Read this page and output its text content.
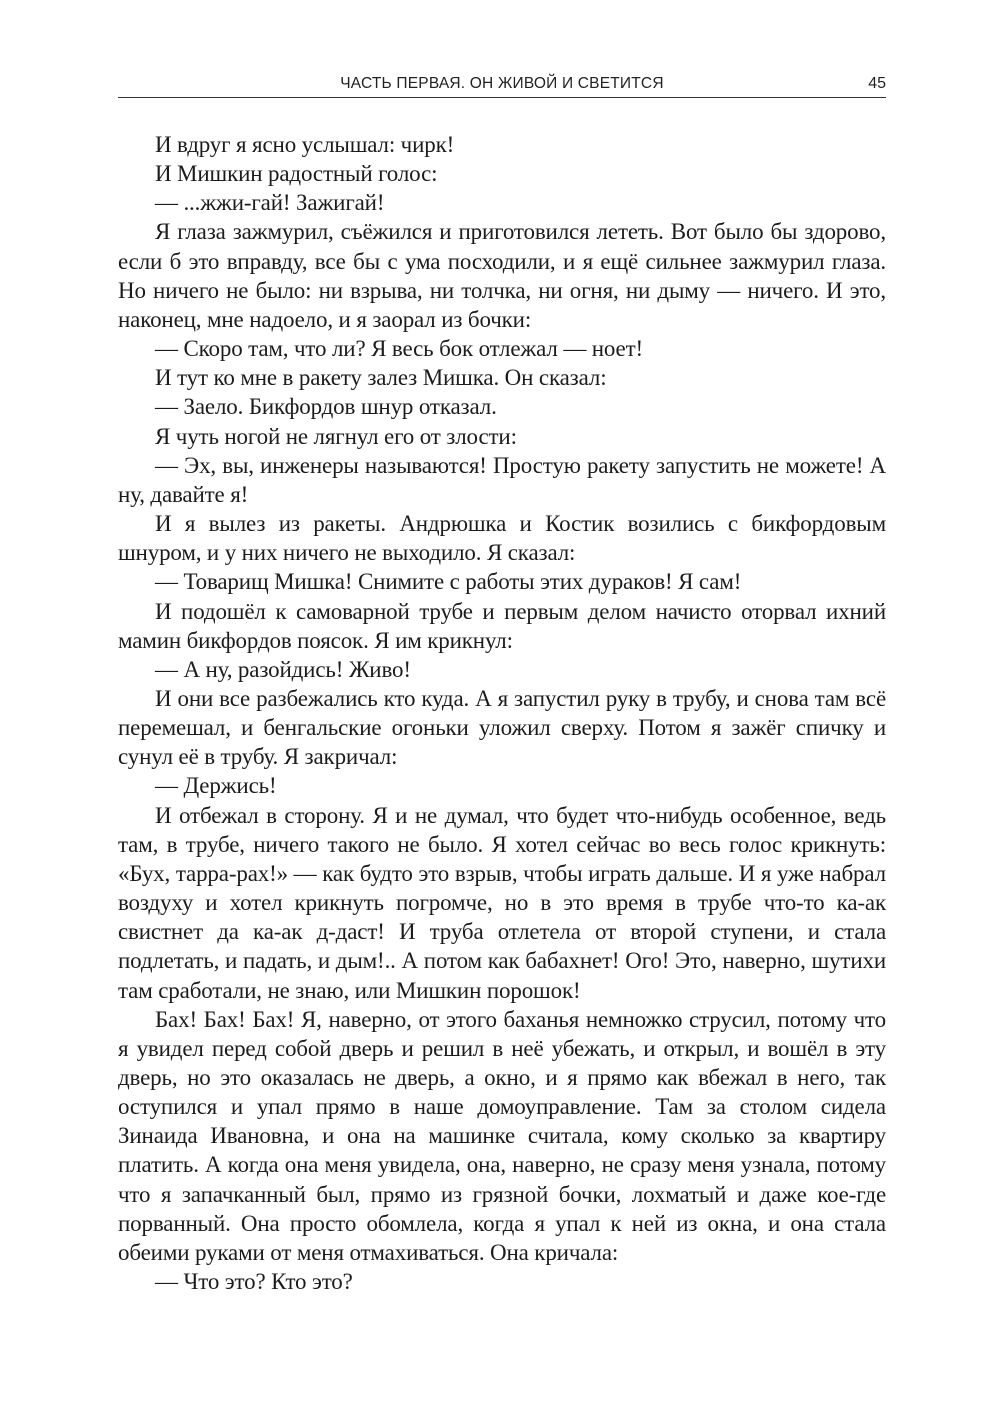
ЧАСТЬ ПЕРВАЯ. ОН ЖИВОЙ И СВЕТИТСЯ	45

И вдруг я ясно услышал: чирк!

И Мишкин радостный голос:

— ...жжи-гай! Зажигай!

Я глаза зажмурил, съёжился и приготовился лететь. Вот было бы здорово, если б это вправду, все бы с ума посходили, и я ещё сильнее зажмурил глаза. Но ничего не было: ни взрыва, ни толчка, ни огня, ни дыму — ничего. И это, наконец, мне надоело, и я заорал из бочки:

— Скоро там, что ли? Я весь бок отлежал — ноет!

И тут ко мне в ракету залез Мишка. Он сказал:

— Заело. Бикфордов шнур отказал.

Я чуть ногой не лягнул его от злости:

— Эх, вы, инженеры называются! Простую ракету запустить не можете! А ну, давайте я!

И я вылез из ракеты. Андрюшка и Костик возились с бикфордовым шнуром, и у них ничего не выходило. Я сказал:

— Товарищ Мишка! Снимите с работы этих дураков! Я сам!

И подошёл к самоварной трубе и первым делом начисто оторвал ихний мамин бикфордов поясок. Я им крикнул:

— А ну, разойдись! Живо!

И они все разбежались кто куда. А я запустил руку в трубу, и снова там всё перемешал, и бенгальские огоньки уложил сверху. Потом я зажёг спичку и сунул её в трубу. Я закричал:

— Держись!

И отбежал в сторону. Я и не думал, что будет что-нибудь особенное, ведь там, в трубе, ничего такого не было. Я хотел сейчас во весь голос крикнуть: «Бух, тарра-рах!» — как будто это взрыв, чтобы играть дальше. И я уже набрал воздуху и хотел крикнуть погромче, но в это время в трубе что-то ка-ак свистнет да ка-ак д-даст! И труба отлетела от второй ступени, и стала подлетать, и падать, и дым!.. А потом как бабахнет! Ого! Это, наверно, шутихи там сработали, не знаю, или Мишкин порошок!

Бах! Бах! Бах! Я, наверно, от этого баханья немножко струсил, потому что я увидел перед собой дверь и решил в неё убежать, и открыл, и вошёл в эту дверь, но это оказалась не дверь, а окно, и я прямо как вбежал в него, так оступился и упал прямо в наше домоуправление. Там за столом сидела Зинаида Ивановна, и она на машинке считала, кому сколько за квартиру платить. А когда она меня увидела, она, наверно, не сразу меня узнала, потому что я запачканный был, прямо из грязной бочки, лохматый и даже кое-где порванный. Она просто обомлела, когда я упал к ней из окна, и она стала обеими руками от меня отмахиваться. Она кричала:

— Что это? Кто это?
